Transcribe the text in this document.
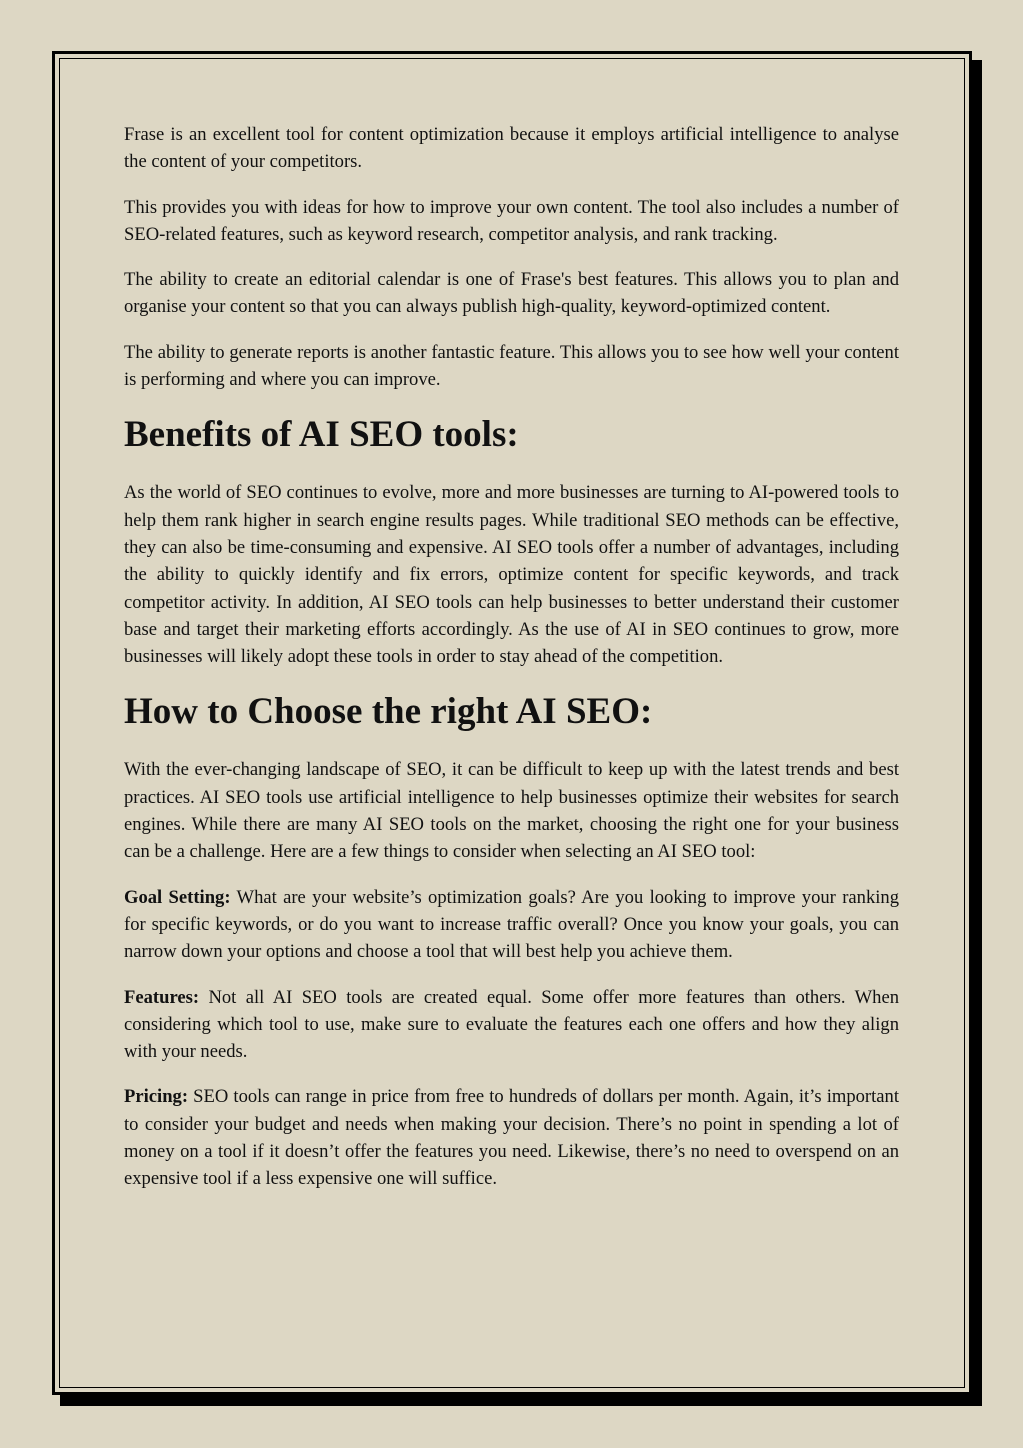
Frase is an excellent tool for content optimization because it employs artificial intelligence to analyse the content of your competitors.

This provides you with ideas for how to improve your own content. The tool also includes a number of SEO-related features, such as keyword research, competitor analysis, and rank tracking.

The ability to create an editorial calendar is one of Frase's best features. This allows you to plan and organise your content so that you can always publish high-quality, keyword-optimized content.

The ability to generate reports is another fantastic feature. This allows you to see how well your content is performing and where you can improve.

Benefits of AI SEO tools:

As the world of SEO continues to evolve, more and more businesses are turning to AI-powered tools to help them rank higher in search engine results pages. While traditional SEO methods can be effective, they can also be time-consuming and expensive. AI SEO tools offer a number of advantages, including the ability to quickly identify and fix errors, optimize content for specific keywords, and track competitor activity. In addition, AI SEO tools can help businesses to better understand their customer base and target their marketing efforts accordingly. As the use of AI in SEO continues to grow, more businesses will likely adopt these tools in order to stay ahead of the competition.

How to Choose the right AI SEO:

With the ever-changing landscape of SEO, it can be difficult to keep up with the latest trends and best practices. AI SEO tools use artificial intelligence to help businesses optimize their websites for search engines. While there are many AI SEO tools on the market, choosing the right one for your business can be a challenge. Here are a few things to consider when selecting an AI SEO tool:

Goal Setting: What are your website’s optimization goals? Are you looking to improve your ranking for specific keywords, or do you want to increase traffic overall? Once you know your goals, you can narrow down your options and choose a tool that will best help you achieve them.

Features: Not all AI SEO tools are created equal. Some offer more features than others. When considering which tool to use, make sure to evaluate the features each one offers and how they align with your needs.

Pricing: SEO tools can range in price from free to hundreds of dollars per month. Again, it’s important to consider your budget and needs when making your decision. There’s no point in spending a lot of money on a tool if it doesn’t offer the features you need. Likewise, there’s no need to overspend on an expensive tool if a less expensive one will suffice.
